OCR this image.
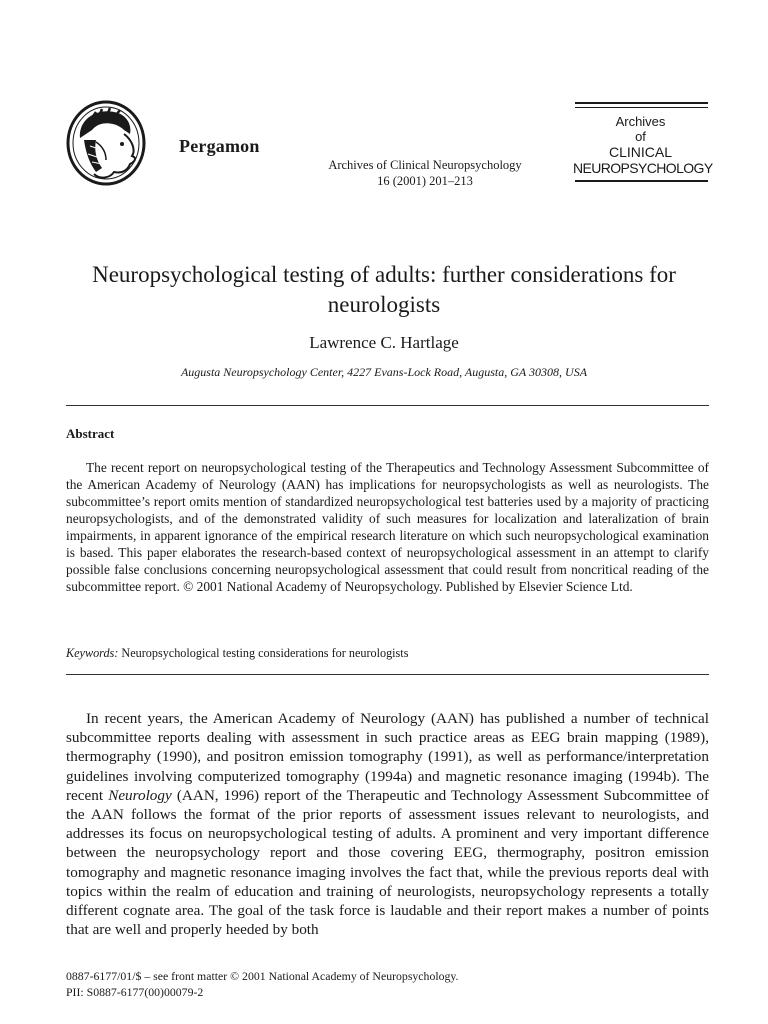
Pergamon
Archives of Clinical Neuropsychology
16 (2001) 201–213
Archives
of
CLINICAL
NEUROPSYCHOLOGY
Neuropsychological testing of adults: further considerations for neurologists
Lawrence C. Hartlage
Augusta Neuropsychology Center, 4227 Evans-Lock Road, Augusta, GA 30308, USA
Abstract
The recent report on neuropsychological testing of the Therapeutics and Technology Assessment Subcommittee of the American Academy of Neurology (AAN) has implications for neuropsychologists as well as neurologists. The subcommittee’s report omits mention of standardized neuropsychological test batteries used by a majority of practicing neuropsychologists, and of the demonstrated validity of such measures for localization and lateralization of brain impairments, in apparent ignorance of the empirical research literature on which such neuropsychological examination is based. This paper elaborates the research-based context of neuropsychological assessment in an attempt to clarify possible false conclusions concerning neuropsychological assessment that could result from noncritical reading of the subcommittee report. © 2001 National Academy of Neuropsychology. Published by Elsevier Science Ltd.
Keywords: Neuropsychological testing considerations for neurologists
In recent years, the American Academy of Neurology (AAN) has published a number of technical subcommittee reports dealing with assessment in such practice areas as EEG brain mapping (1989), thermography (1990), and positron emission tomography (1991), as well as performance/interpretation guidelines involving computerized tomography (1994a) and magnetic resonance imaging (1994b). The recent Neurology (AAN, 1996) report of the Therapeutic and Technology Assessment Subcommittee of the AAN follows the format of the prior reports of assessment issues relevant to neurologists, and addresses its focus on neuropsychological testing of adults. A prominent and very important difference between the neuropsychology report and those covering EEG, thermography, positron emission tomography and magnetic resonance imaging involves the fact that, while the previous reports deal with topics within the realm of education and training of neurologists, neuropsychology represents a totally different cognate area. The goal of the task force is laudable and their report makes a number of points that are well and properly heeded by both
0887-6177/01/$ – see front matter © 2001 National Academy of Neuropsychology.
PII: S0887-6177(00)00079-2
